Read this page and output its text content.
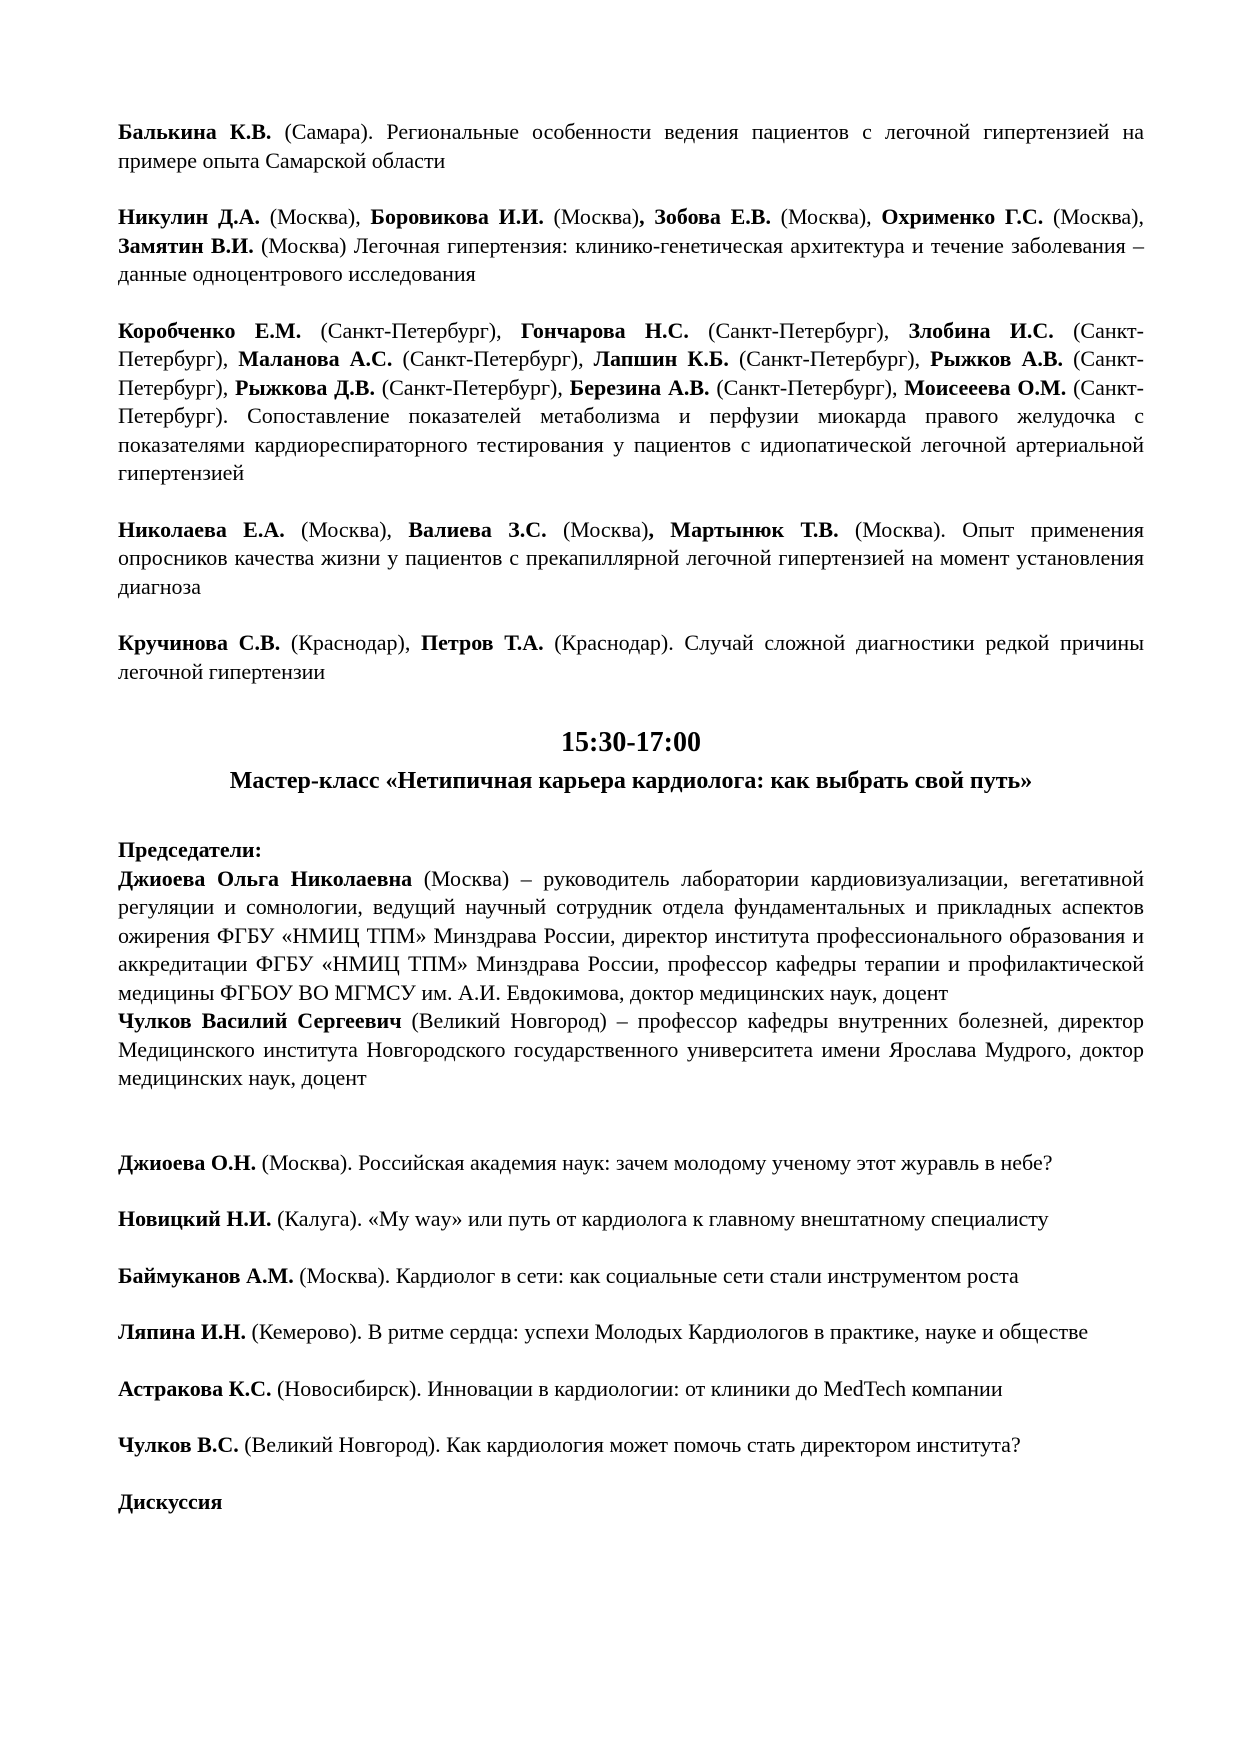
Балькина К.В. (Самара). Региональные особенности ведения пациентов с легочной гипертензией на примере опыта Самарской области

Никулин Д.А. (Москва), Боровикова И.И. (Москва), Зобова Е.В. (Москва), Охрименко Г.С. (Москва), Замятин В.И. (Москва) Легочная гипертензия: клинико-генетическая архитектура и течение заболевания – данные одноцентрового исследования

Коробченко Е.М. (Санкт-Петербург), Гончарова Н.С. (Санкт-Петербург), Злобина И.С. (Санкт-Петербург), Маланова А.С. (Санкт-Петербург), Лапшин К.Б. (Санкт-Петербург), Рыжков А.В. (Санкт-Петербург), Рыжкова Д.В. (Санкт-Петербург), Березина А.В. (Санкт-Петербург), Моисееева О.М. (Санкт-Петербург). Сопоставление показателей метаболизма и перфузии миокарда правого желудочка с показателями кардиореспираторного тестирования у пациентов с идиопатической легочной артериальной гипертензией

Николаева Е.А. (Москва), Валиева З.С. (Москва), Мартынюк Т.В. (Москва). Опыт применения опросников качества жизни у пациентов с прекапиллярной легочной гипертензией на момент установления диагноза

Кручинова С.В. (Краснодар), Петров Т.А. (Краснодар). Случай сложной диагностики редкой причины легочной гипертензии

15:30-17:00
Мастер-класс «Нетипичная карьера кардиолога: как выбрать свой путь»
Председатели:

Джиоева Ольга Николаевна (Москва) – руководитель лаборатории кардиовизуализации, вегетативной регуляции и сомнологии, ведущий научный сотрудник отдела фундаментальных и прикладных аспектов ожирения ФГБУ «НМИЦ ТПМ» Минздрава России, директор института профессионального образования и аккредитации ФГБУ «НМИЦ ТПМ» Минздрава России, профессор кафедры терапии и профилактической медицины ФГБОУ ВО МГМСУ им. А.И. Евдокимова, доктор медицинских наук, доцент

Чулков Василий Сергеевич (Великий Новгород) – профессор кафедры внутренних болезней, директор Медицинского института Новгородского государственного университета имени Ярослава Мудрого, доктор медицинских наук, доцент

Джиоева О.Н. (Москва). Российская академия наук: зачем молодому ученому этот журавль в небе?

Новицкий Н.И. (Калуга). «My way» или путь от кардиолога к главному внештатному специалисту

Баймуканов А.М. (Москва). Кардиолог в сети: как социальные сети стали инструментом роста

Ляпина И.Н. (Кемерово). В ритме сердца: успехи Молодых Кардиологов в практике, науке и обществе

Астракова К.С. (Новосибирск). Инновации в кардиологии: от клиники до MedTech компании

Чулков В.С. (Великий Новгород). Как кардиология может помочь стать директором института?

Дискуссия
